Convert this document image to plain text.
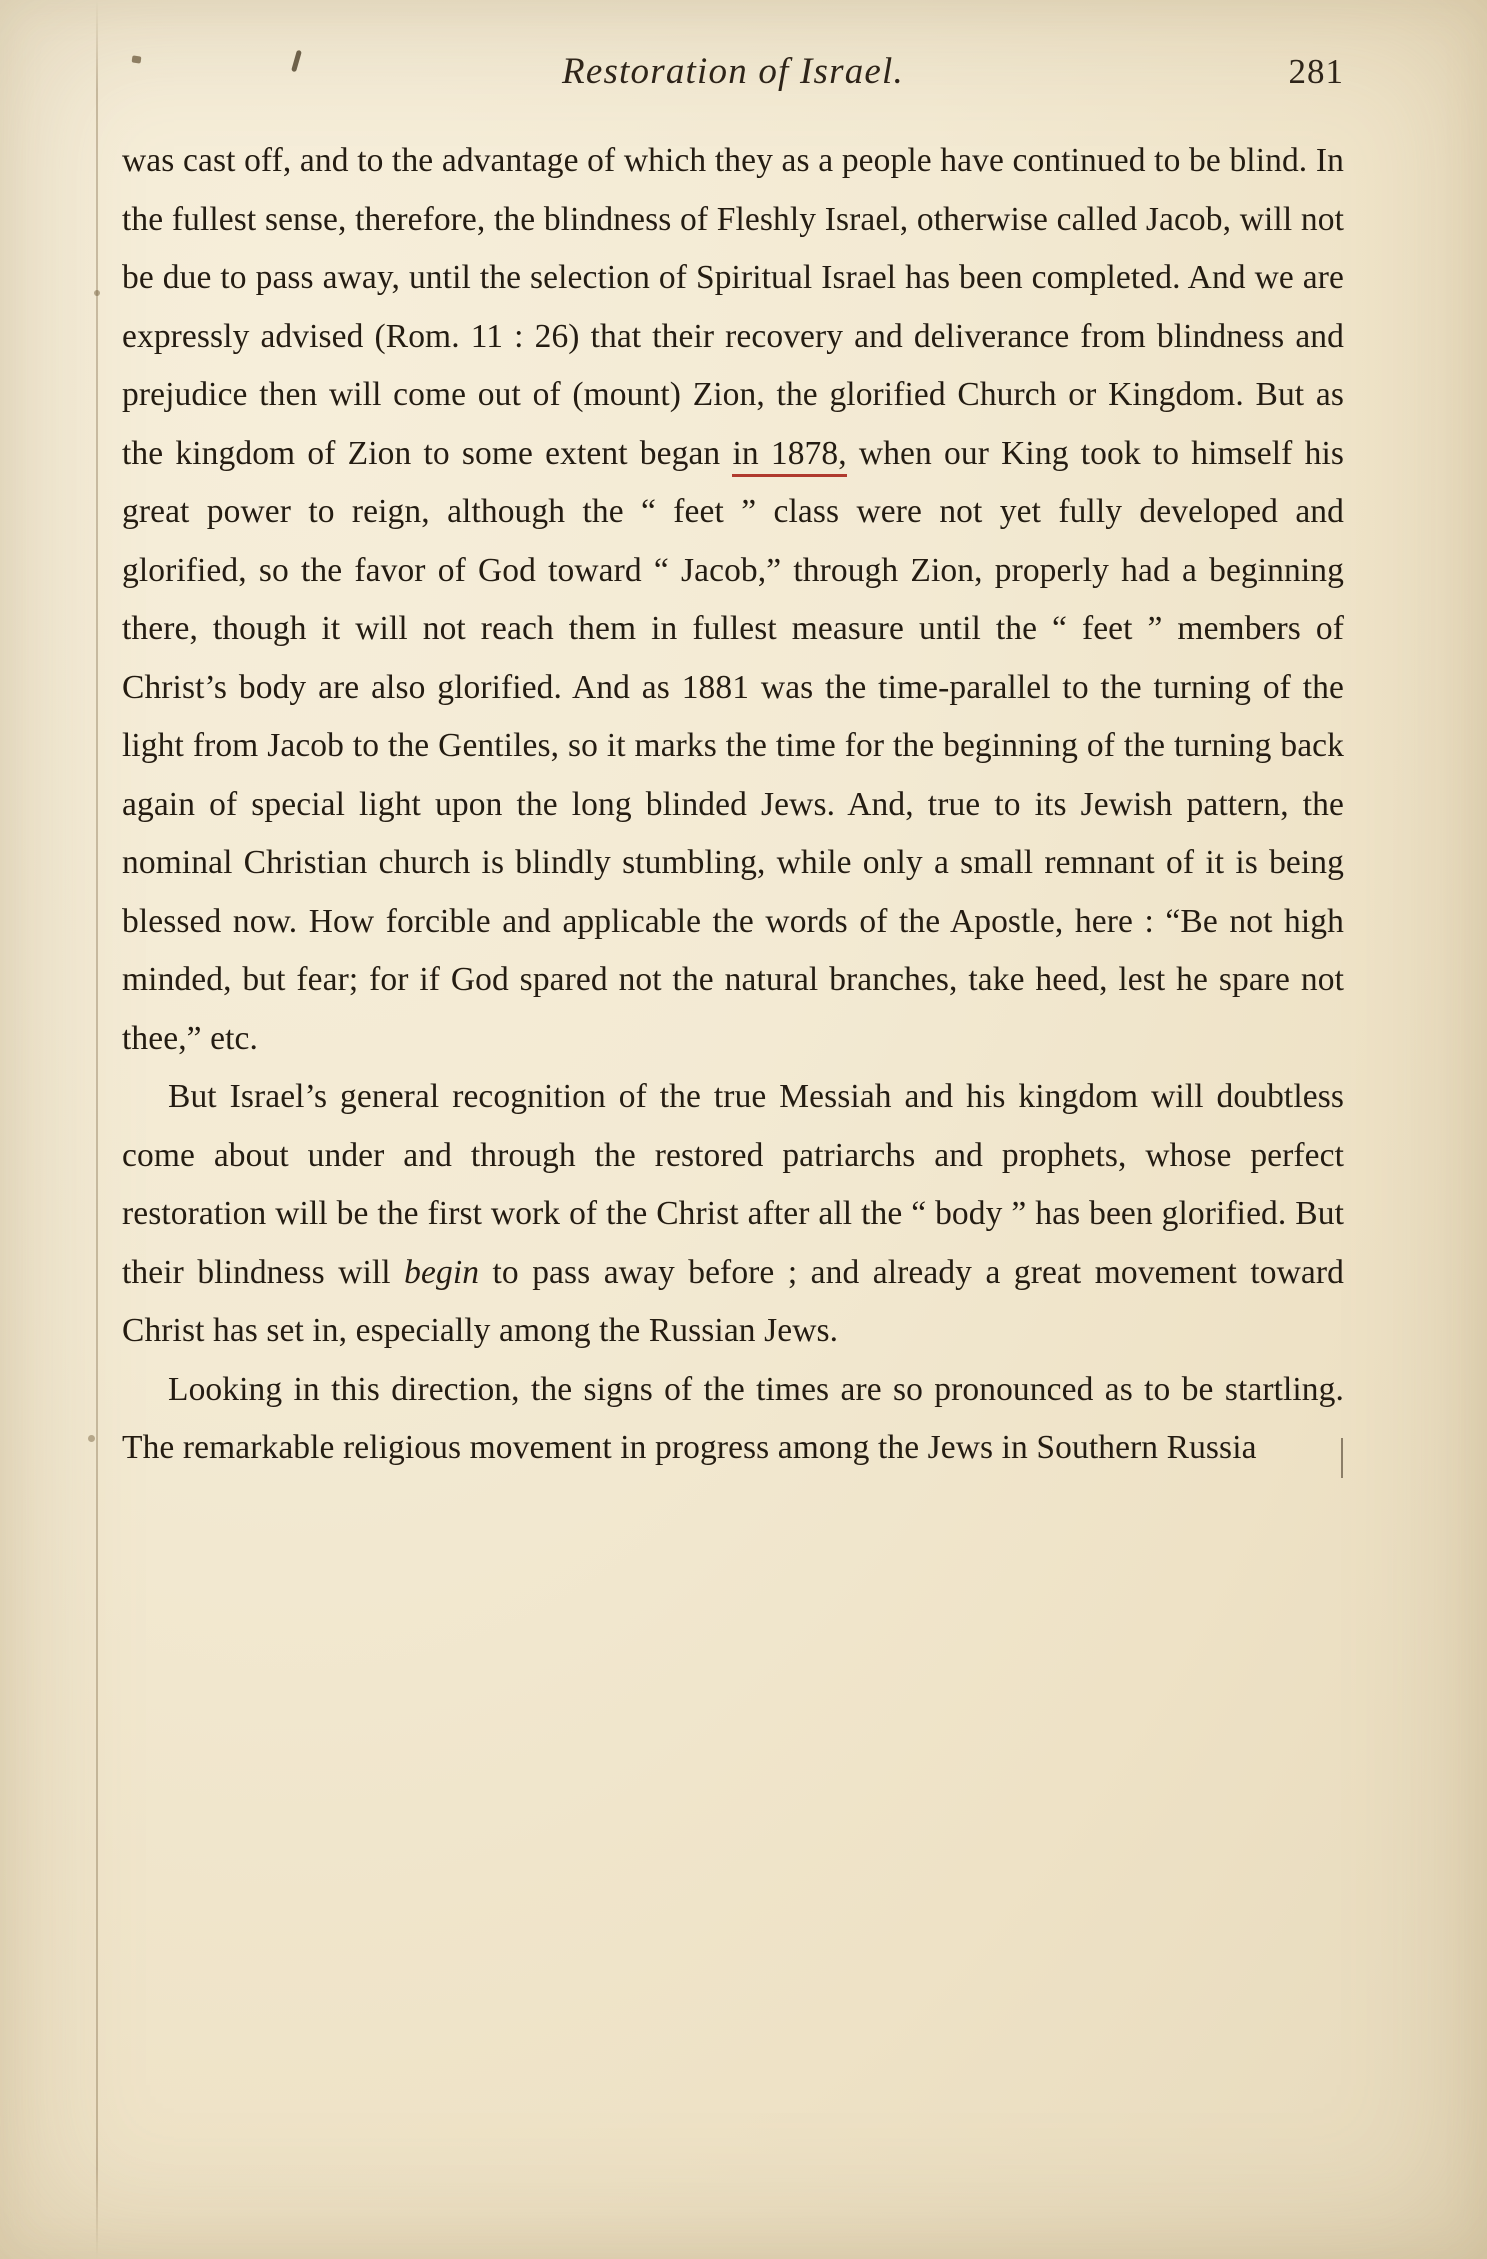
Restoration of Israel.	281

was cast off, and to the advantage of which they as a people have continued to be blind. In the fullest sense, therefore, the blindness of Fleshly Israel, otherwise called Jacob, will not be due to pass away, until the selection of Spiritual Israel has been completed. And we are expressly advised (Rom. 11 : 26) that their recovery and deliverance from blindness and prejudice then will come out of (mount) Zion, the glorified Church or Kingdom. But as the kingdom of Zion to some extent began in 1878, when our King took to himself his great power to reign, although the “ feet ” class were not yet fully developed and glorified, so the favor of God toward “ Jacob,” through Zion, properly had a beginning there, though it will not reach them in fullest measure until the “ feet ” members of Christ’s body are also glorified. And as 1881 was the time-parallel to the turning of the light from Jacob to the Gentiles, so it marks the time for the beginning of the turning back again of special light upon the long blinded Jews. And, true to its Jewish pattern, the nominal Christian church is blindly stumbling, while only a small remnant of it is being blessed now. How forcible and applicable the words of the Apostle, here : “Be not high minded, but fear; for if God spared not the natural branches, take heed, lest he spare not thee,” etc.

But Israel’s general recognition of the true Messiah and his kingdom will doubtless come about under and through the restored patriarchs and prophets, whose perfect restoration will be the first work of the Christ after all the “ body ” has been glorified. But their blindness will begin to pass away before ; and already a great movement toward Christ has set in, especially among the Russian Jews.

Looking in this direction, the signs of the times are so pronounced as to be startling. The remarkable religious movement in progress among the Jews in Southern Russia
